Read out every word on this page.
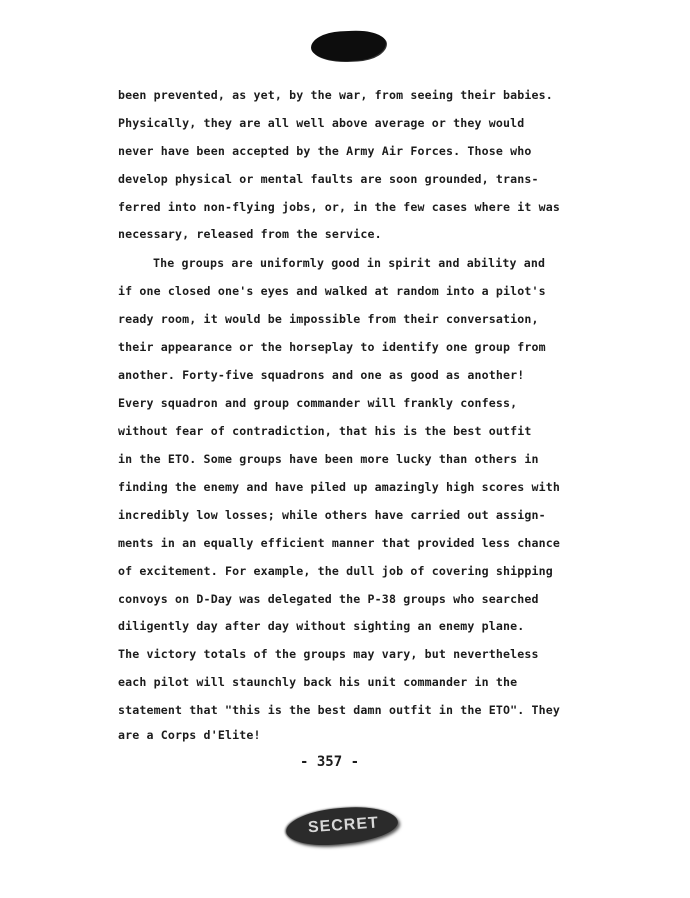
been prevented, as yet, by the war, from seeing their babies.
Physically, they are all well above average or they would
never have been accepted by the Army Air Forces. Those who
develop physical or mental faults are soon grounded, trans-
ferred into non-flying jobs, or, in the few cases where it was
necessary, released from the service.
The groups are uniformly good in spirit and ability and
if one closed one's eyes and walked at random into a pilot's
ready room, it would be impossible from their conversation,
their appearance or the horseplay to identify one group from
another. Forty-five squadrons and one as good as another!
Every squadron and group commander will frankly confess,
without fear of contradiction, that his is the best outfit
in the ETO. Some groups have been more lucky than others in
finding the enemy and have piled up amazingly high scores with
incredibly low losses; while others have carried out assign-
ments in an equally efficient manner that provided less chance
of excitement. For example, the dull job of covering shipping
convoys on D-Day was delegated the P-38 groups who searched
diligently day after day without sighting an enemy plane.
The victory totals of the groups may vary, but nevertheless
each pilot will staunchly back his unit commander in the
statement that "this is the best damn outfit in the ETO". They
are a Corps d'Elite!
- 357 -
SECRET
